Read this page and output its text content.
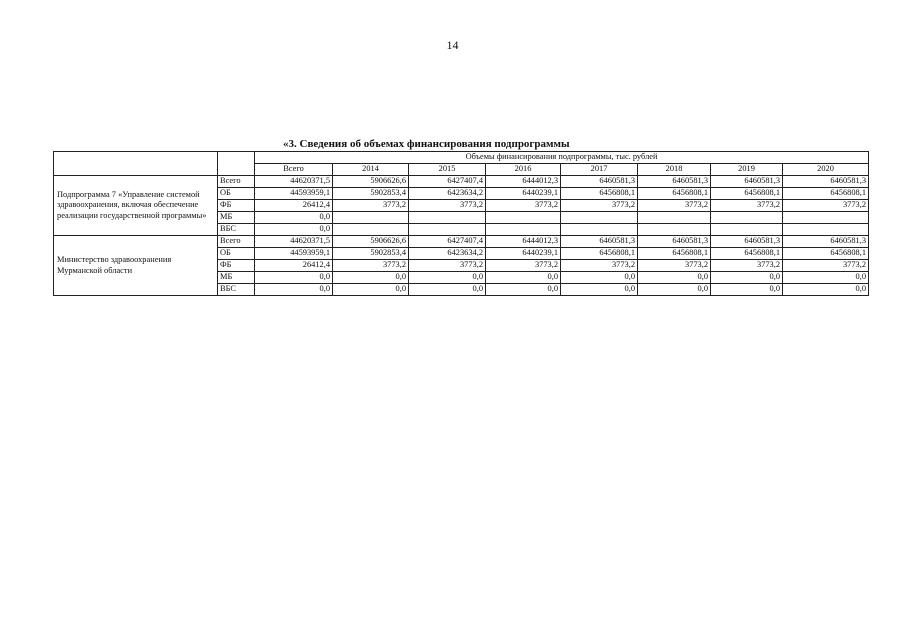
14
«3. Сведения об объемах финансирования подпрограммы
		Объемы финансирования подпрограммы, тыс. рублей							
		Всего	2014	2015	2016	2017	2018	2019	2020
Подпрограмма 7 «Управление системой здравоохранения, включая обеспечение реализации государственной программы»	Всего	44620371,5	5906626,6	6427407,4	6444012,3	6460581,3	6460581,3	6460581,3	6460581,3
	ОБ	44593959,1	5902853,4	6423634,2	6440239,1	6456808,1	6456808,1	6456808,1	6456808,1
	ФБ	26412,4	3773,2	3773,2	3773,2	3773,2	3773,2	3773,2	3773,2
	МБ	0,0							
	ВБС	0,0							
Министерство здравоохранения Мурманской области	Всего	44620371,5	5906626,6	6427407,4	6444012,3	6460581,3	6460581,3	6460581,3	6460581,3
	ОБ	44593959,1	5902853,4	6423634,2	6440239,1	6456808,1	6456808,1	6456808,1	6456808,1
	ФБ	26412,4	3773,2	3773,2	3773,2	3773,2	3773,2	3773,2	3773,2
	МБ	0,0	0,0	0,0	0,0	0,0	0,0	0,0	0,0
	ВБС	0,0	0,0	0,0	0,0	0,0	0,0	0,0	0,0
